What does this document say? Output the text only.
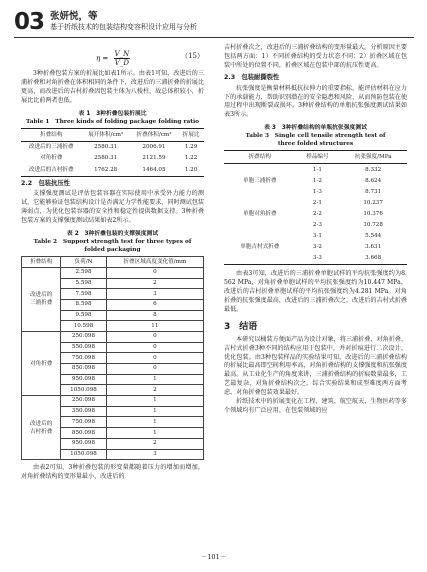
03 张妍悦，等
基于折纸技术的包装结构变容积设计应用与分析
$\eta = \frac{V\_N}{V\_D}$	（15）

3种折叠包装方案的折展比如表1所示。由表1可知，改进后的三浦折叠和对角折叠在体积相同的条件下，改进后的三浦折叠的折展比更高，而改进后的吉村折叠因包装主体为八棱柱，故总体积较小，折展比比前两者也低。

表 1　3种折叠包装折展比
Table 1　Three kinds of folding package folding ratio
折叠结构	展开体积/cm³	折叠体积/cm³	折展比
改进后的三浦折叠	2580.31	2006.91	1.29
对角折叠	2580.31	2121.59	1.22
改进后的吉村折叠	1762.28	1464.05	1.20
2.2　包装抗压性

支撑强度测试是评估包装容器在实际使用中承受外力能力的测试，它能够验证包装结构设计是否满足力学性能要求，同时测试包装薄弱点，为优化包装容器的安全性和稳定性提供数据支持。3种折叠包装方案的支撑强度测试结果如表2所示。

表 2　3种折叠包装的支撑强度测试
Table 2　Support strength test for three types of
folded packaging
折叠结构	负荷/N	折叠区域高度变化值/mm
改进后的
三浦折叠	2.598	0
	5.598	2
	7.598	3
	8.598	6
	9.598	8
	10.598	11
对角折叠	250.098	0
	550.098	0
	750.098	0
	850.098	0
	950.098	1
	1050.098	2
改进后的
吉村折叠	250.098	1
	350.098	1
	750.098	1
	850.098	1
	950.098	2
	1050.098	3

由表2可知，3种折叠包装的形变量都随着压力的增加而增加，对角折叠结构的变形量最小，改进后的

吉村折叠次之，改进后的三浦折叠结构的变形量最大。分析原因主要包括两方面：1）不同折叠结构的受力状态不同；2）折叠区域在包装中所处的位置不同，折叠区域在包装中部的抗压性更高。

2.3　包装耐撕裂性

抗张强度是衡量材料抵抗拉伸力的重要指标，能评估材料在应力下的承载能力，帮助识别潜在的安全隐患和风险，从而预防包装在使用过程中出现断裂或损坏。3种折叠结构的单瓶抗张强度测试结果如表3所示。

表 3　3种折叠结构的单瓶抗张强度测试
Table 3　Single cell tensile strength test of
three folded structures
折叠结构	样品编号	抗张强度/MPa
单胞三浦折叠	1-1	8.332
	1-2	8.624
	1-3	8.731
单胞对角折叠	2-1	10.237
	2-2	10.376
	2-3	10.728
单胞吉村式折叠	3-1	5.544
	3-2	3.631
	3-3	3.668

由表3可知，改进后的三浦折叠单胞试样的平均抗张强度约为8.562 MPa，对角折叠单胞试样的平均抗张强度约为10.447 MPa，改进后的吉村折叠单胞试样的平均抗张强度约为4.281 MPa。对角折叠的抗张强度最高，改进后的三浦折叠次之，改进后的吉村式折叠最低。

3　结语

本研究以桶装方便面产品为设计对象，将三浦折叠、对角折叠、吉村式折叠3种不同的结构应用于包装中，并对折痕进行二次设计、优化包装。由3种包装样品的实验结果可知，改进后的三浦折叠结构的折展比最高即空间利用率高，对角折叠结构的支撑强度和抗张强度最高。从工业化生产的角度来讲，三浦折叠结构的折痕数量最多，工艺最复杂，对角折叠结构次之。综合实验结果和成型难度两方面考虑，对角折叠包装效果最好。

折纸技术中的折展变化在工程、建筑、航空航天、生物医药等多个领域均有广泛应用，在包装领域的应

－101－
